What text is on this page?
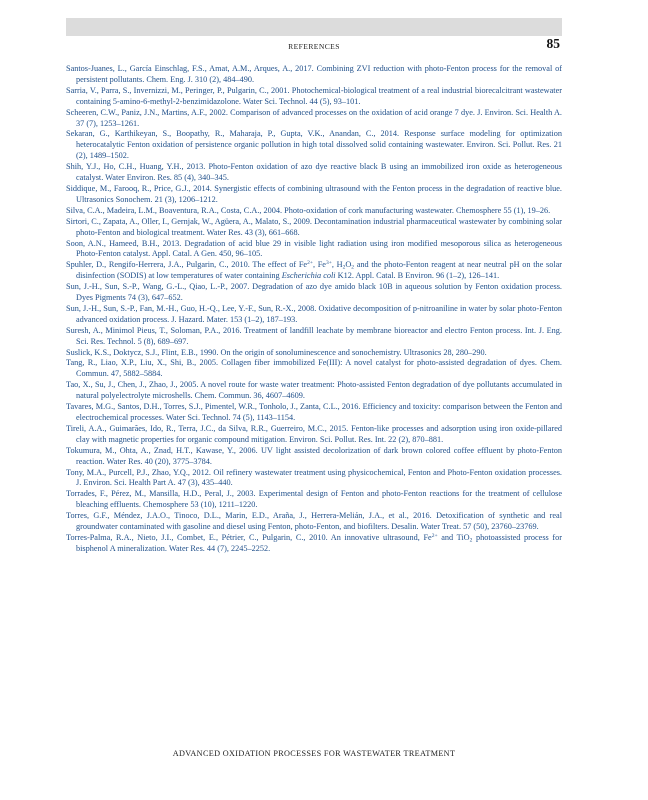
REFERENCES	85

Santos-Juanes, L., García Einschlag, F.S., Amat, A.M., Arques, A., 2017. Combining ZVI reduction with photo-Fenton process for the removal of persistent pollutants. Chem. Eng. J. 310 (2), 484–490.

Sarria, V., Parra, S., Invernizzi, M., Peringer, P., Pulgarin, C., 2001. Photochemical-biological treatment of a real industrial biorecalcitrant wastewater containing 5-amino-6-methyl-2-benzimidazolone. Water Sci. Technol. 44 (5), 93–101.

Scheeren, C.W., Paniz, J.N., Martins, A.F., 2002. Comparison of advanced processes on the oxidation of acid orange 7 dye. J. Environ. Sci. Health A. 37 (7), 1253–1261.

Sekaran, G., Karthikeyan, S., Boopathy, R., Maharaja, P., Gupta, V.K., Anandan, C., 2014. Response surface modeling for optimization heterocatalytic Fenton oxidation of persistence organic pollution in high total dissolved solid containing wastewater. Environ. Sci. Pollut. Res. 21 (2), 1489–1502.

Shih, Y.J., Ho, C.H., Huang, Y.H., 2013. Photo-Fenton oxidation of azo dye reactive black B using an immobilized iron oxide as heterogeneous catalyst. Water Environ. Res. 85 (4), 340–345.

Siddique, M., Farooq, R., Price, G.J., 2014. Synergistic effects of combining ultrasound with the Fenton process in the degradation of reactive blue. Ultrasonics Sonochem. 21 (3), 1206–1212.

Silva, C.A., Madeira, L.M., Boaventura, R.A., Costa, C.A., 2004. Photo-oxidation of cork manufacturing wastewater. Chemosphere 55 (1), 19–26.

Sirtori, C., Zapata, A., Oller, I., Gernjak, W., Agüera, A., Malato, S., 2009. Decontamination industrial pharmaceutical wastewater by combining solar photo-Fenton and biological treatment. Water Res. 43 (3), 661–668.

Soon, A.N., Hameed, B.H., 2013. Degradation of acid blue 29 in visible light radiation using iron modified mesoporous silica as heterogeneous Photo-Fenton catalyst. Appl. Catal. A Gen. 450, 96–105.

Spuhler, D., Rengifo-Herrera, J.A., Pulgarin, C., 2010. The effect of $Fe^{2+}$, $Fe^{3+}$, $H_2O_2$ and the photo-Fenton reagent at near neutral pH on the solar disinfection (SODIS) at low temperatures of water containing Escherichia coli K12. Appl. Catal. B Environ. 96 (1–2), 126–141.

Sun, J.-H., Sun, S.-P., Wang, G.-L., Qiao, L.-P., 2007. Degradation of azo dye amido black 10B in aqueous solution by Fenton oxidation process. Dyes Pigments 74 (3), 647–652.

Sun, J.-H., Sun, S.-P., Fan, M.-H., Guo, H.-Q., Lee, Y.-F., Sun, R.-X., 2008. Oxidative decomposition of p-nitroaniline in water by solar photo-Fenton advanced oxidation process. J. Hazard. Mater. 153 (1–2), 187–193.

Suresh, A., Minimol Pieus, T., Soloman, P.A., 2016. Treatment of landfill leachate by membrane bioreactor and electro Fenton process. Int. J. Eng. Sci. Res. Technol. 5 (8), 689–697.

Suslick, K.S., Doktycz, S.J., Flint, E.B., 1990. On the origin of sonoluminescence and sonochemistry. Ultrasonics 28, 280–290.

Tang, R., Liao, X.P., Liu, X., Shi, B., 2005. Collagen fiber immobilized Fe(III): A novel catalyst for photo-assisted degradation of dyes. Chem. Commun. 47, 5882–5884.

Tao, X., Su, J., Chen, J., Zhao, J., 2005. A novel route for waste water treatment: Photo-assisted Fenton degradation of dye pollutants accumulated in natural polyelectrolyte microshells. Chem. Commun. 36, 4607–4609.

Tavares, M.G., Santos, D.H., Torres, S.J., Pimentel, W.R., Tonholo, J., Zanta, C.L., 2016. Efficiency and toxicity: comparison between the Fenton and electrochemical processes. Water Sci. Technol. 74 (5), 1143–1154.

Tireli, A.A., Guimarães, Ido, R., Terra, J.C., da Silva, R.R., Guerreiro, M.C., 2015. Fenton-like processes and adsorption using iron oxide-pillared clay with magnetic properties for organic compound mitigation. Environ. Sci. Pollut. Res. Int. 22 (2), 870–881.

Tokumura, M., Ohta, A., Znad, H.T., Kawase, Y., 2006. UV light assisted decolorization of dark brown colored coffee effluent by photo-Fenton reaction. Water Res. 40 (20), 3775–3784.

Tony, M.A., Purcell, P.J., Zhao, Y.Q., 2012. Oil refinery wastewater treatment using physicochemical, Fenton and Photo-Fenton oxidation processes. J. Environ. Sci. Health Part A. 47 (3), 435–440.

Torrades, F., Pérez, M., Mansilla, H.D., Peral, J., 2003. Experimental design of Fenton and photo-Fenton reactions for the treatment of cellulose bleaching effluents. Chemosphere 53 (10), 1211–1220.

Torres, G.F., Méndez, J.A.O., Tinoco, D.L., Marin, E.D., Araña, J., Herrera-Melián, J.A., et al., 2016. Detoxification of synthetic and real groundwater contaminated with gasoline and diesel using Fenton, photo-Fenton, and biofilters. Desalin. Water Treat. 57 (50), 23760–23769.

Torres-Palma, R.A., Nieto, J.I., Combet, E., Pétrier, C., Pulgarin, C., 2010. An innovative ultrasound, $Fe^{2+}$ and TiO$_2$ photoassisted process for bisphenol A mineralization. Water Res. 44 (7), 2245–2252.

ADVANCED OXIDATION PROCESSES FOR WASTEWATER TREATMENT
